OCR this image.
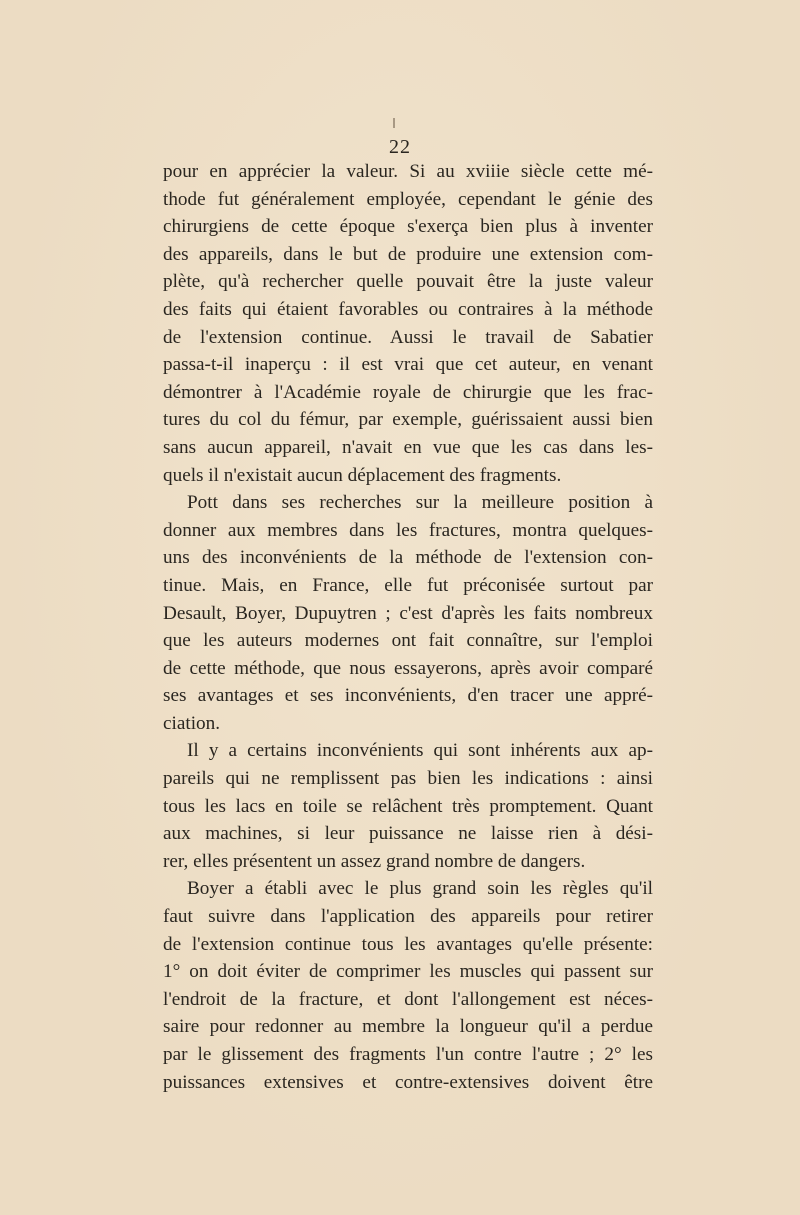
22
pour en apprécier la valeur. Si au xviiie siècle cette mé-
thode fut généralement employée, cependant le génie des
chirurgiens de cette époque s'exerça bien plus à inventer
des appareils, dans le but de produire une extension com-
plète, qu'à rechercher quelle pouvait être la juste valeur
des faits qui étaient favorables ou contraires à la méthode
de l'extension continue. Aussi le travail de Sabatier
passa-t-il inaperçu : il est vrai que cet auteur, en venant
démontrer à l'Académie royale de chirurgie que les frac-
tures du col du fémur, par exemple, guérissaient aussi bien
sans aucun appareil, n'avait en vue que les cas dans les-
quels il n'existait aucun déplacement des fragments.
Pott dans ses recherches sur la meilleure position à
donner aux membres dans les fractures, montra quelques-
uns des inconvénients de la méthode de l'extension con-
tinue. Mais, en France, elle fut préconisée surtout par
Desault, Boyer, Dupuytren ; c'est d'après les faits nombreux
que les auteurs modernes ont fait connaître, sur l'emploi
de cette méthode, que nous essayerons, après avoir comparé
ses avantages et ses inconvénients, d'en tracer une appré-
ciation.
Il y a certains inconvénients qui sont inhérents aux ap-
pareils qui ne remplissent pas bien les indications : ainsi
tous les lacs en toile se relâchent très promptement. Quant
aux machines, si leur puissance ne laisse rien à dési-
rer, elles présentent un assez grand nombre de dangers.
Boyer a établi avec le plus grand soin les règles qu'il
faut suivre dans l'application des appareils pour retirer
de l'extension continue tous les avantages qu'elle présente:
1° on doit éviter de comprimer les muscles qui passent sur
l'endroit de la fracture, et dont l'allongement est néces-
saire pour redonner au membre la longueur qu'il a perdue
par le glissement des fragments l'un contre l'autre ; 2° les
puissances extensives et contre-extensives doivent être
